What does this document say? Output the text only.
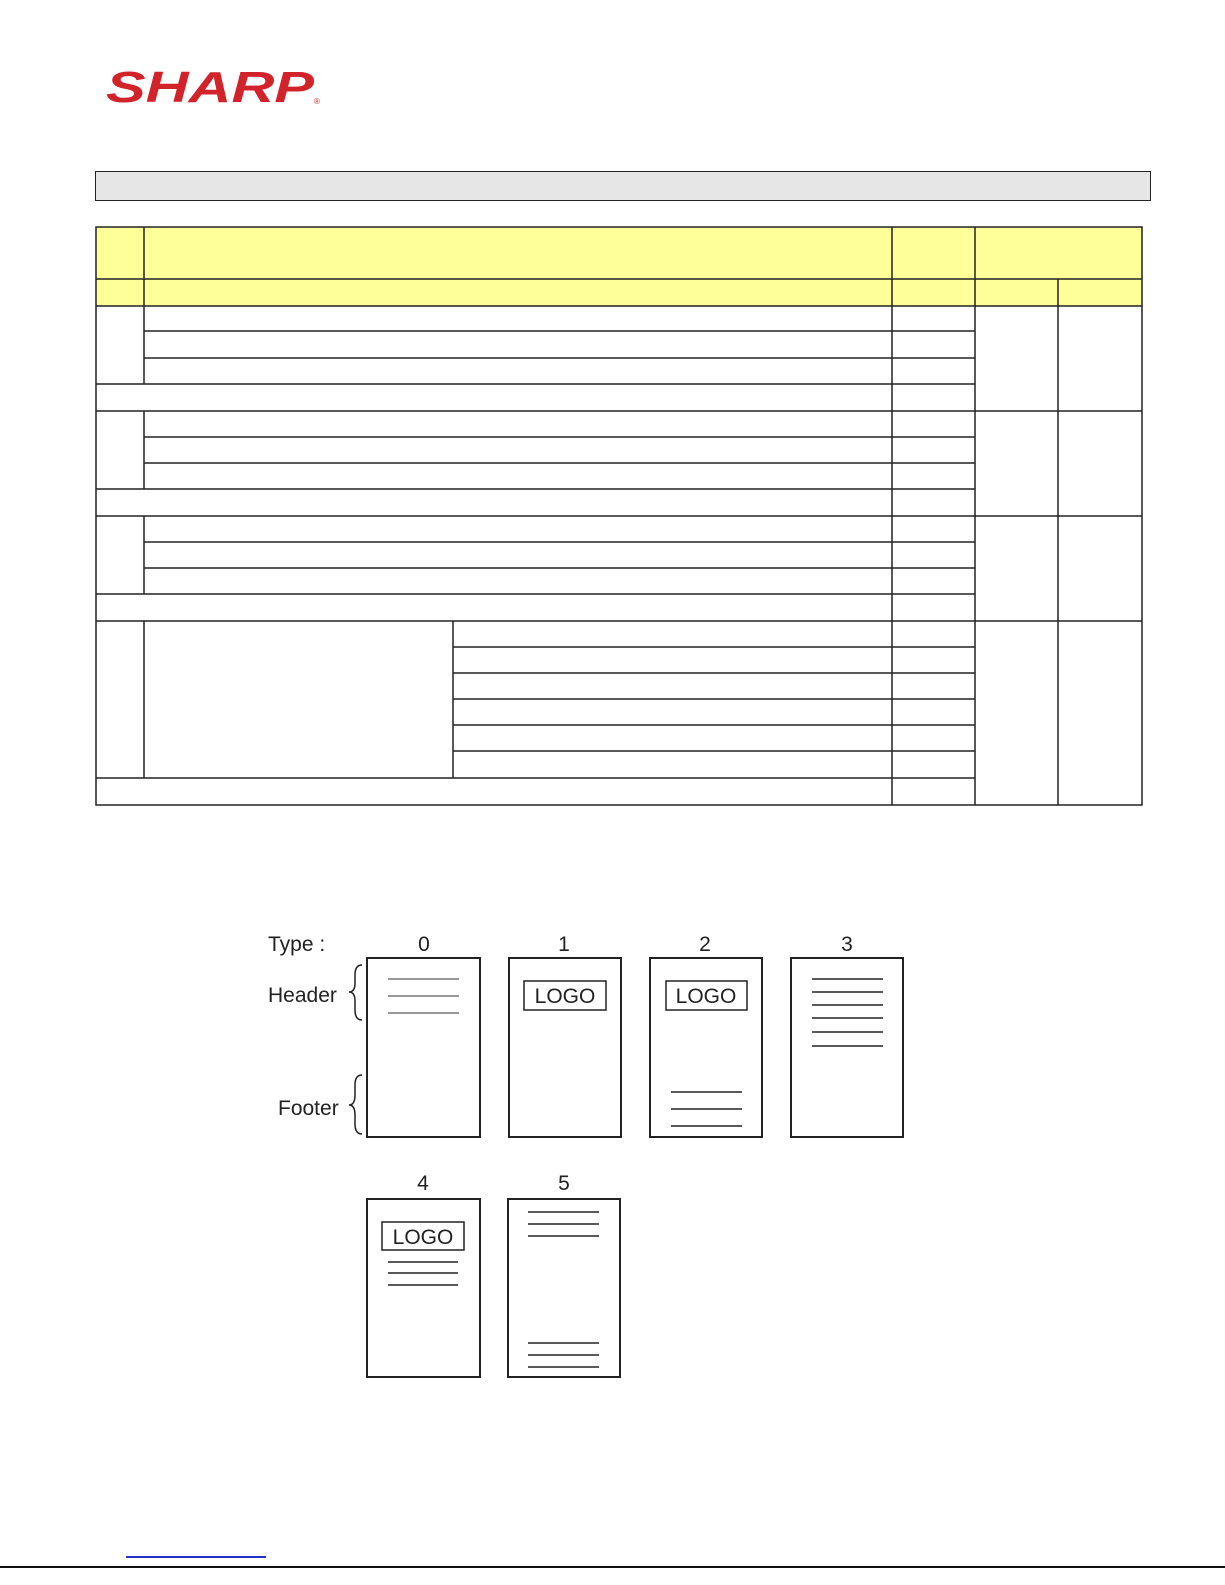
SHARP ®
Type :
Header
Footer
0	1	2	3
4	5
LOGO	LOGO
LOGO
